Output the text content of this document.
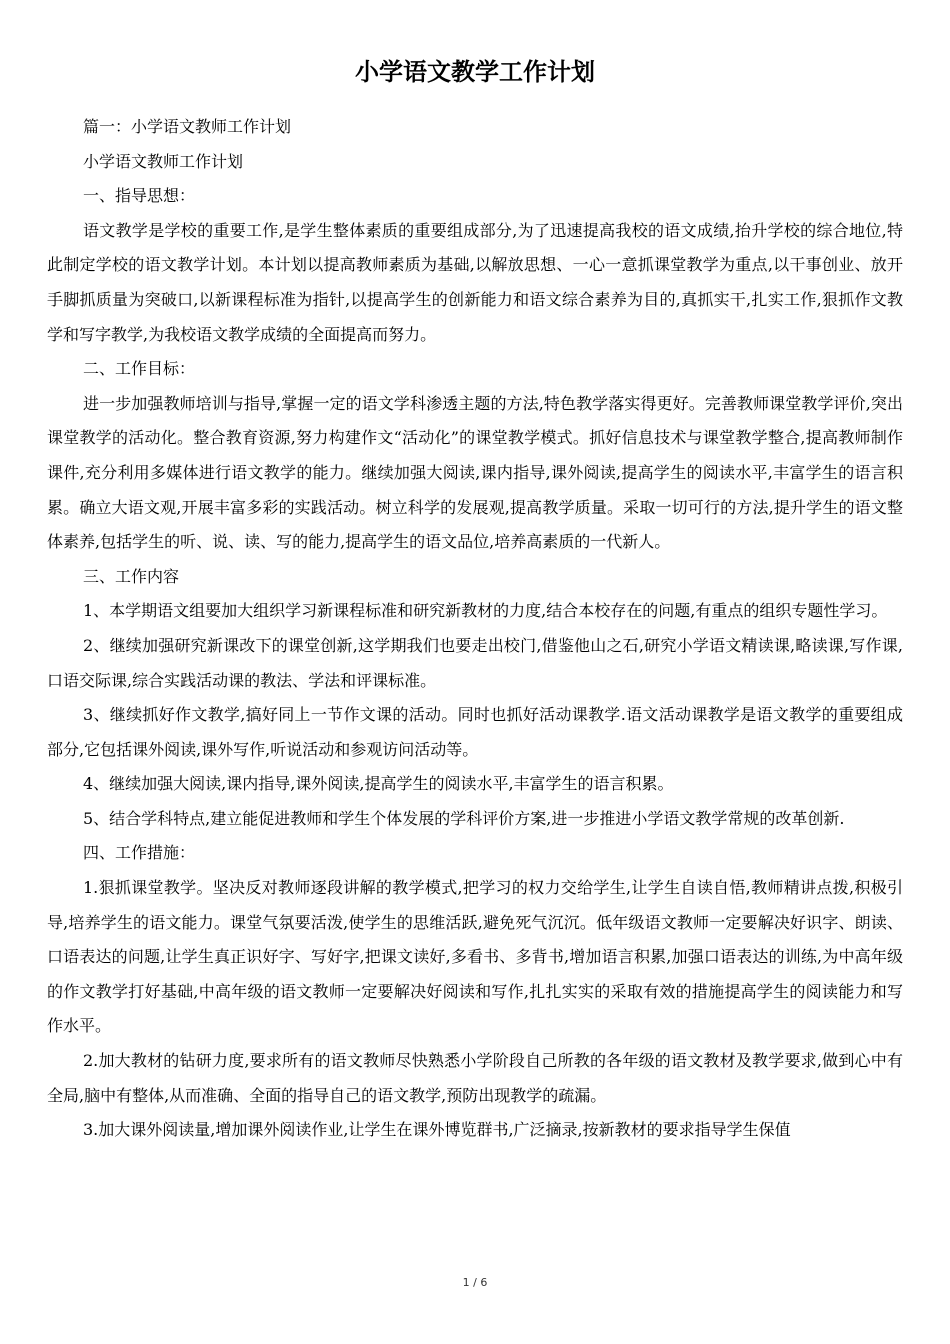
小学语文教学工作计划

篇一：小学语文教师工作计划

小学语文教师工作计划

一、指导思想：

语文教学是学校的重要工作,是学生整体素质的重要组成部分,为了迅速提高我校的语文成绩,抬升学校的综合地位,特此制定学校的语文教学计划。本计划以提高教师素质为基础,以解放思想、一心一意抓课堂教学为重点,以干事创业、放开手脚抓质量为突破口,以新课程标准为指针,以提高学生的创新能力和语文综合素养为目的,真抓实干,扎实工作,狠抓作文教学和写字教学,为我校语文教学成绩的全面提高而努力。

二、工作目标：

进一步加强教师培训与指导,掌握一定的语文学科渗透主题的方法,特色教学落实得更好。完善教师课堂教学评价,突出课堂教学的活动化。整合教育资源,努力构建作文“活动化”的课堂教学模式。抓好信息技术与课堂教学整合,提高教师制作课件,充分利用多媒体进行语文教学的能力。继续加强大阅读,课内指导,课外阅读,提高学生的阅读水平,丰富学生的语言积累。确立大语文观,开展丰富多彩的实践活动。树立科学的发展观,提高教学质量。采取一切可行的方法,提升学生的语文整体素养,包括学生的听、说、读、写的能力,提高学生的语文品位,培养高素质的一代新人。

三、工作内容

1、本学期语文组要加大组织学习新课程标准和研究新教材的力度,结合本校存在的问题,有重点的组织专题性学习。

2、继续加强研究新课改下的课堂创新,这学期我们也要走出校门,借鉴他山之石,研究小学语文精读课,略读课,写作课,口语交际课,综合实践活动课的教法、学法和评课标准。

3、继续抓好作文教学,搞好同上一节作文课的活动。同时也抓好活动课教学.语文活动课教学是语文教学的重要组成部分,它包括课外阅读,课外写作,听说活动和参观访问活动等。

4、继续加强大阅读,课内指导,课外阅读,提高学生的阅读水平,丰富学生的语言积累。

5、结合学科特点,建立能促进教师和学生个体发展的学科评价方案,进一步推进小学语文教学常规的改革创新.

四、工作措施：

1.狠抓课堂教学。坚决反对教师逐段讲解的教学模式,把学习的权力交给学生,让学生自读自悟,教师精讲点拨,积极引导,培养学生的语文能力。课堂气氛要活泼,使学生的思维活跃,避免死气沉沉。低年级语文教师一定要解决好识字、朗读、口语表达的问题,让学生真正识好字、写好字,把课文读好,多看书、多背书,增加语言积累,加强口语表达的训练,为中高年级的作文教学打好基础,中高年级的语文教师一定要解决好阅读和写作,扎扎实实的采取有效的措施提高学生的阅读能力和写作水平。

2.加大教材的钻研力度,要求所有的语文教师尽快熟悉小学阶段自己所教的各年级的语文教材及教学要求,做到心中有全局,脑中有整体,从而准确、全面的指导自己的语文教学,预防出现教学的疏漏。

3.加大课外阅读量,增加课外阅读作业,让学生在课外博览群书,广泛摘录,按新教材的要求指导学生保值

1 / 6
